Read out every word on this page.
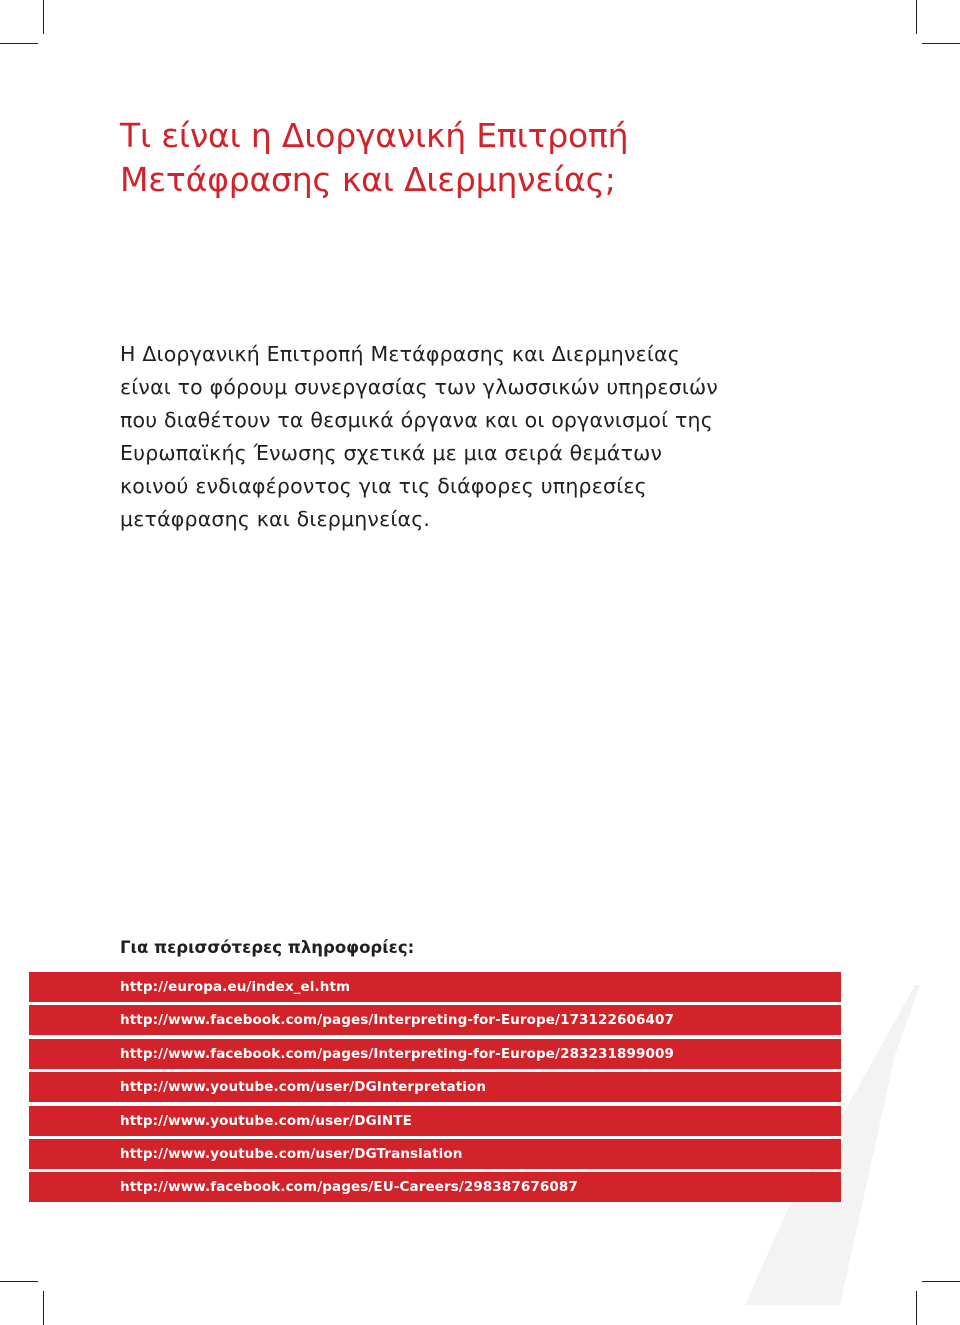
Τι είναι η Διοργανική Επιτροπή Μετάφρασης και Διερμηνείας;

Η Διοργανική Επιτροπή Μετάφρασης και Διερμηνείας είναι το φόρουμ συνεργασίας των γλωσσικών υπηρεσιών που διαθέτουν τα θεσμικά όργανα και οι οργανισμοί της Ευρωπαϊκής Ένωσης σχετικά με μια σειρά θεμάτων κοινού ενδιαφέροντος για τις διάφορες υπηρεσίες μετάφρασης και διερμηνείας.

Για περισσότερες πληροφορίες:
http://europa.eu/index_el.htm
http://www.facebook.com/pages/Interpreting-for-Europe/173122606407
http://www.facebook.com/pages/Interpreting-for-Europe/283231899009
http://www.youtube.com/user/DGInterpretation
http://www.youtube.com/user/DGINTE
http://www.youtube.com/user/DGTranslation
http://www.facebook.com/pages/EU-Careers/298387676087
